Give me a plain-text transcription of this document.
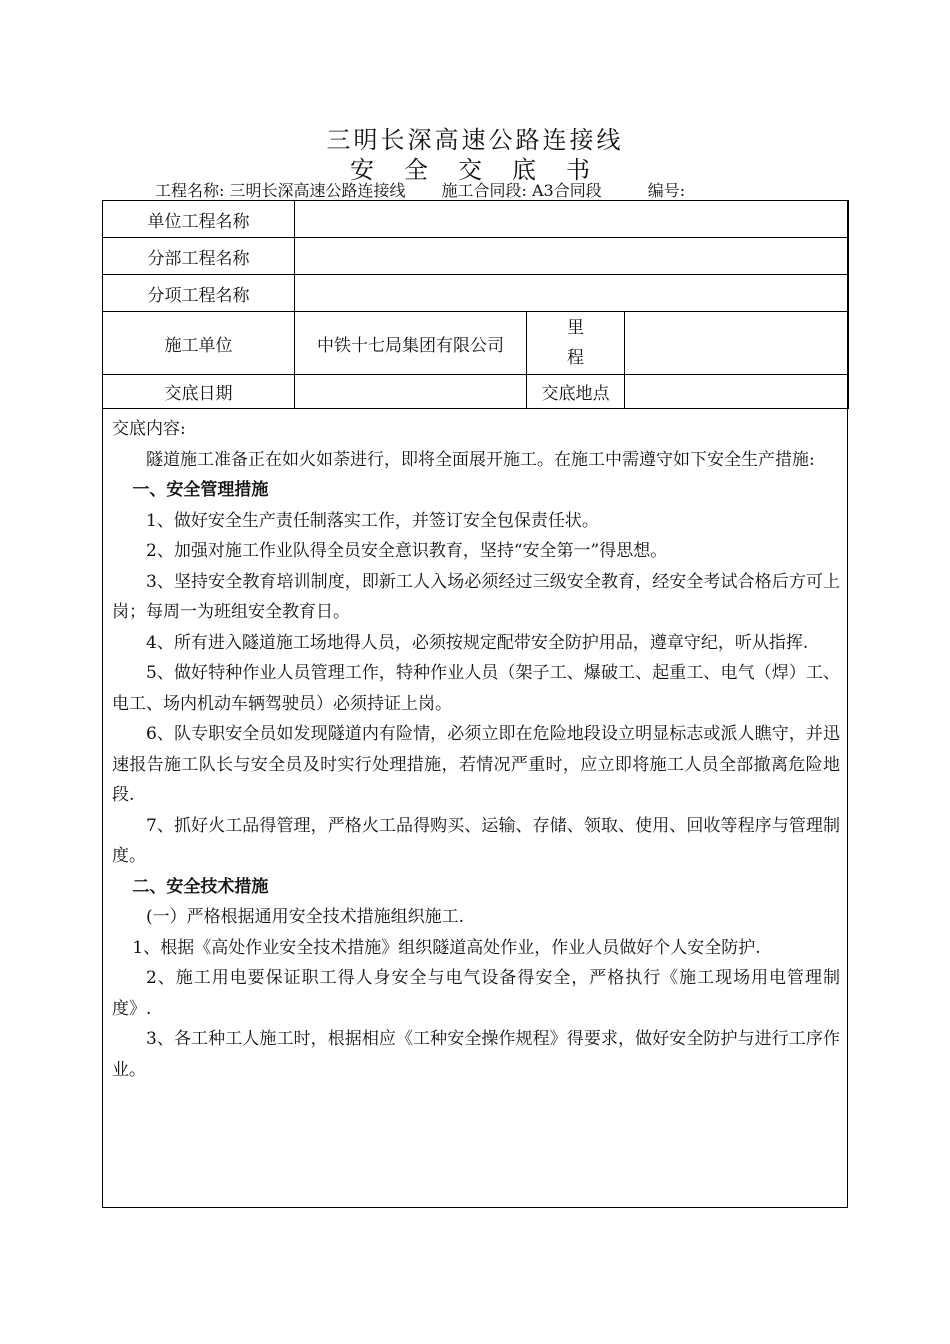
三明长深高速公路连接线
安全交底书
工程名称: 三明长深高速公路连接线 施工合同段: A3合同段	编号:
单位工程名称			
分部工程名称			
分项工程名称			
施工单位	中铁十七局集团有限公司	里
程	

交底日期		交底地点	

交底内容:

隧道施工准备正在如火如荼进行，即将全面展开施工。在施工中需遵守如下安全生产措施:

一、安全管理措施

1、做好安全生产责任制落实工作，并签订安全包保责任状。

2、加强对施工作业队得全员安全意识教育，坚持“安全第一”得思想。

3、坚持安全教育培训制度，即新工人入场必须经过三级安全教育，经安全考试合格后方可上岗；每周一为班组安全教育日。

4、所有进入隧道施工场地得人员，必须按规定配带安全防护用品，遵章守纪，听从指挥.

5、做好特种作业人员管理工作，特种作业人员（架子工、爆破工、起重工、电气（焊）工、电工、场内机动车辆驾驶员）必须持证上岗。

6、队专职安全员如发现隧道内有险情，必须立即在危险地段设立明显标志或派人瞧守，并迅速报告施工队长与安全员及时实行处理措施，若情况严重时，应立即将施工人员全部撤离危险地段.

7、抓好火工品得管理，严格火工品得购买、运输、存储、领取、使用、回收等程序与管理制度。

二、安全技术措施

(一）严格根据通用安全技术措施组织施工.

1、根据《高处作业安全技术措施》组织隧道高处作业，作业人员做好个人安全防护.

2、施工用电要保证职工得人身安全与电气设备得安全，严格执行《施工现场用电管理制度》.

3、各工种工人施工时，根据相应《工种安全操作规程》得要求，做好安全防护与进行工序作业。
